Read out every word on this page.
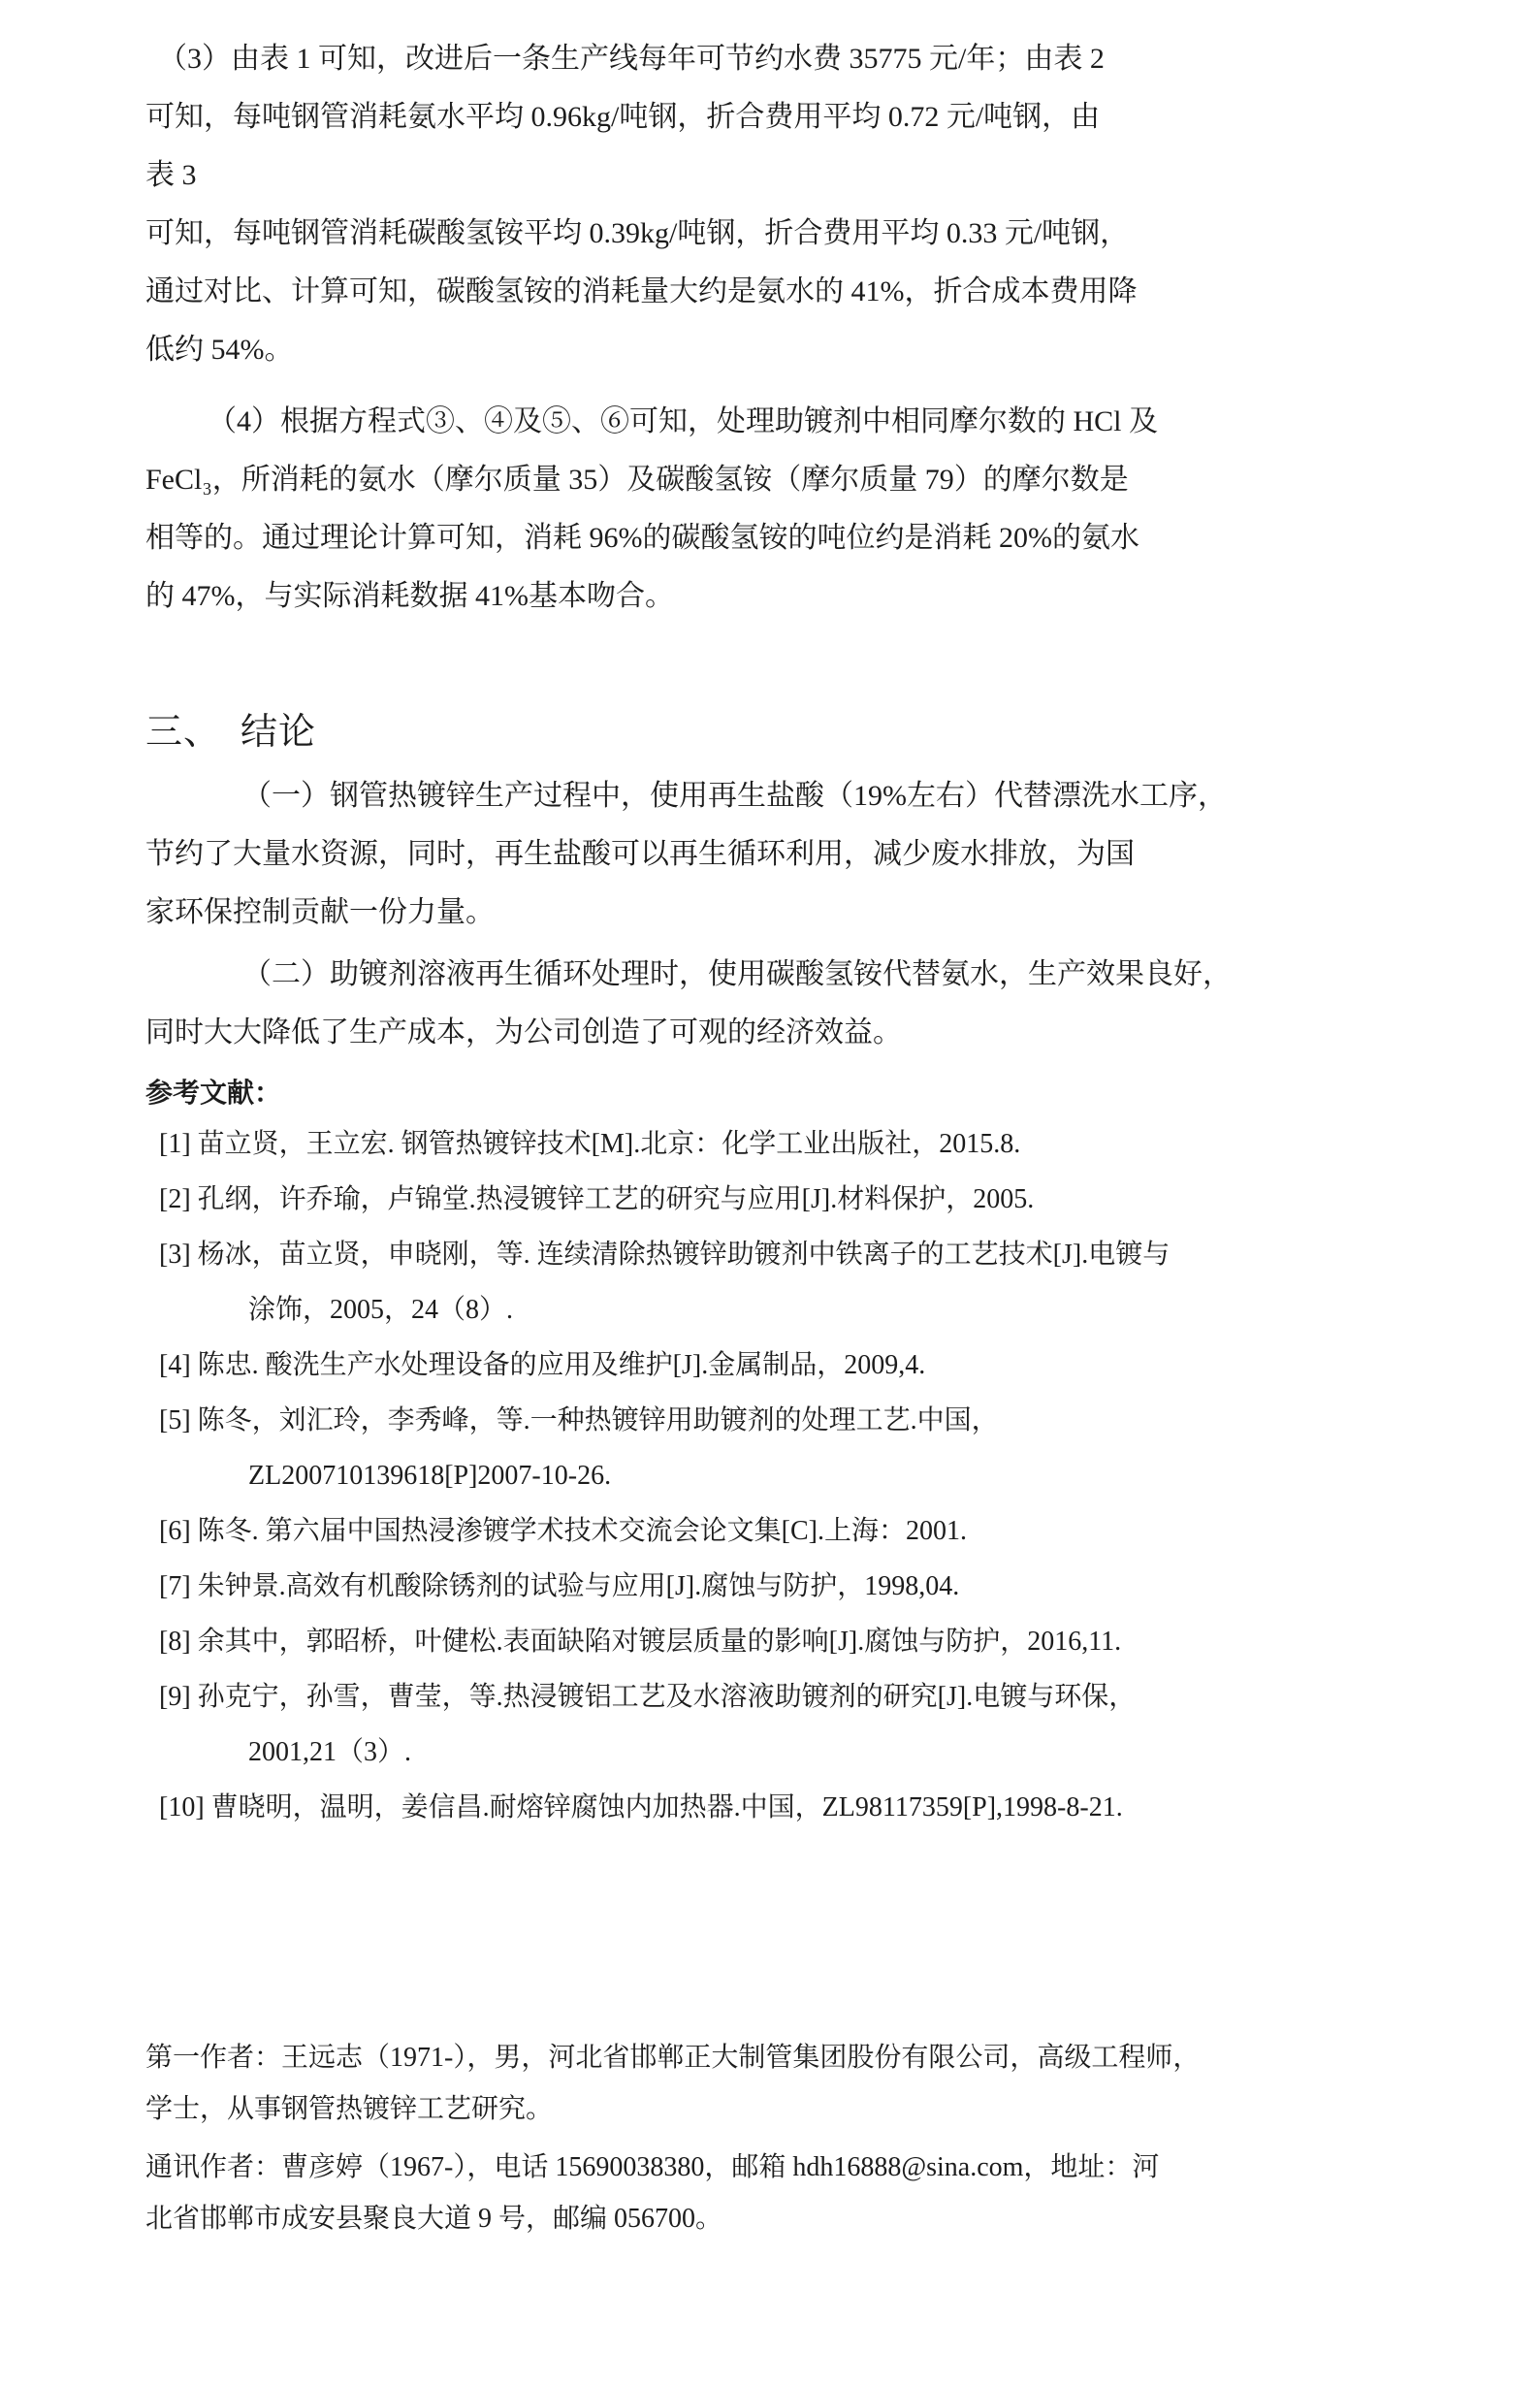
（3）由表 1 可知，改进后一条生产线每年可节约水费 35775 元/年；由表 2
可知，每吨钢管消耗氨水平均 0.96kg/吨钢，折合费用平均 0.72 元/吨钢，由
表 3
可知，每吨钢管消耗碳酸氢铵平均 0.39kg/吨钢，折合费用平均 0.33 元/吨钢，
通过对比、计算可知，碳酸氢铵的消耗量大约是氨水的 41%，折合成本费用降
低约 54%。
（4）根据方程式③、④及⑤、⑥可知，处理助镀剂中相同摩尔数的 HCl 及
FeCl₃，所消耗的氨水（摩尔质量 35）及碳酸氢铵（摩尔质量 79）的摩尔数是
相等的。通过理论计算可知，消耗 96%的碳酸氢铵的吨位约是消耗 20%的氨水
的 47%，与实际消耗数据 41%基本吻合。
三、　结论
（一）钢管热镀锌生产过程中，使用再生盐酸（19%左右）代替漂洗水工序，
节约了大量水资源，同时，再生盐酸可以再生循环利用，减少废水排放，为国
家环保控制贡献一份力量。
（二）助镀剂溶液再生循环处理时，使用碳酸氢铵代替氨水，生产效果良好，
同时大大降低了生产成本，为公司创造了可观的经济效益。
参考文献：
[1] 苗立贤，王立宏. 钢管热镀锌技术[M].北京：化学工业出版社，2015.8.
[2] 孔纲，许乔瑜，卢锦堂.热浸镀锌工艺的研究与应用[J].材料保护，2005.
[3] 杨冰，苗立贤，申晓刚，等. 连续清除热镀锌助镀剂中铁离子的工艺技术[J].电镀与
涂饰，2005，24（8）.
[4] 陈忠. 酸洗生产水处理设备的应用及维护[J].金属制品，2009,4.
[5] 陈冬，刘汇玲，李秀峰，等.一种热镀锌用助镀剂的处理工艺.中国，
ZL200710139618[P]2007-10-26.
[6] 陈冬. 第六届中国热浸渗镀学术技术交流会论文集[C].上海：2001.
[7] 朱钟景.高效有机酸除锈剂的试验与应用[J].腐蚀与防护，1998,04.
[8] 余其中，郭昭桥，叶健松.表面缺陷对镀层质量的影响[J].腐蚀与防护，2016,11.
[9] 孙克宁，孙雪，曹莹，等.热浸镀铝工艺及水溶液助镀剂的研究[J].电镀与环保，
2001,21（3）.
[10] 曹晓明，温明，姜信昌.耐熔锌腐蚀内加热器.中国，ZL98117359[P],1998-8-21.
第一作者：王远志（1971-），男，河北省邯郸正大制管集团股份有限公司，高级工程师，
学士，从事钢管热镀锌工艺研究。
通讯作者：曹彦婷（1967-），电话 15690038380，邮箱 hdh16888@sina.com，地址：河
北省邯郸市成安县聚良大道 9 号，邮编 056700。
